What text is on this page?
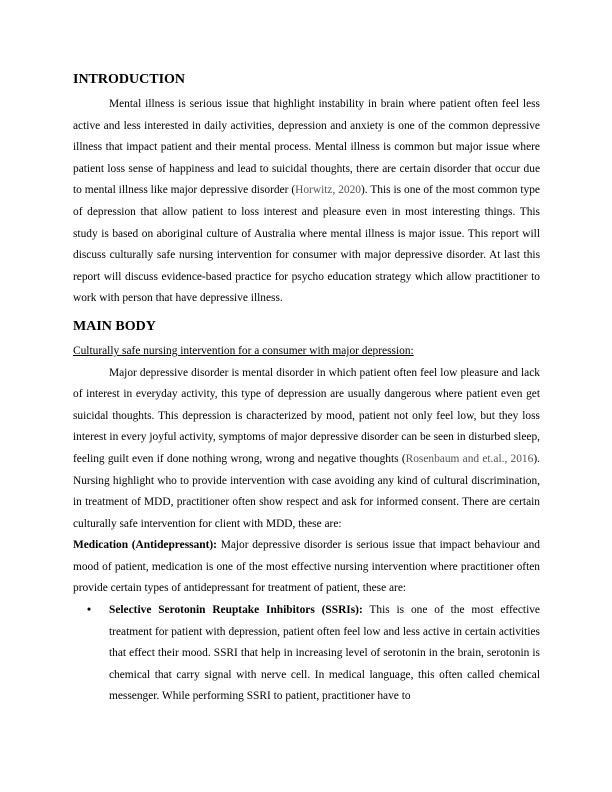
INTRODUCTION

Mental illness is serious issue that highlight instability in brain where patient often feel less active and less interested in daily activities, depression and anxiety is one of the common depressive illness that impact patient and their mental process. Mental illness is common but major issue where patient loss sense of happiness and lead to suicidal thoughts, there are certain disorder that occur due to mental illness like major depressive disorder (Horwitz, 2020). This is one of the most common type of depression that allow patient to loss interest and pleasure even in most interesting things. This study is based on aboriginal culture of Australia where mental illness is major issue. This report will discuss culturally safe nursing intervention for consumer with major depressive disorder. At last this report will discuss evidence-based practice for psycho education strategy which allow practitioner to work with person that have depressive illness.

MAIN BODY

Culturally safe nursing intervention for a consumer with major depression:

Major depressive disorder is mental disorder in which patient often feel low pleasure and lack of interest in everyday activity, this type of depression are usually dangerous where patient even get suicidal thoughts. This depression is characterized by mood, patient not only feel low, but they loss interest in every joyful activity, symptoms of major depressive disorder can be seen in disturbed sleep, feeling guilt even if done nothing wrong, wrong and negative thoughts (Rosenbaum and et.al., 2016). Nursing highlight who to provide intervention with case avoiding any kind of cultural discrimination, in treatment of MDD, practitioner often show respect and ask for informed consent. There are certain culturally safe intervention for client with MDD, these are:

Medication (Antidepressant): Major depressive disorder is serious issue that impact behaviour and mood of patient, medication is one of the most effective nursing intervention where practitioner often provide certain types of antidepressant for treatment of patient, these are:

• Selective Serotonin Reuptake Inhibitors (SSRIs): This is one of the most effective treatment for patient with depression, patient often feel low and less active in certain activities that effect their mood. SSRI that help in increasing level of serotonin in the brain, serotonin is chemical that carry signal with nerve cell. In medical language, this often called chemical messenger. While performing SSRI to patient, practitioner have to
